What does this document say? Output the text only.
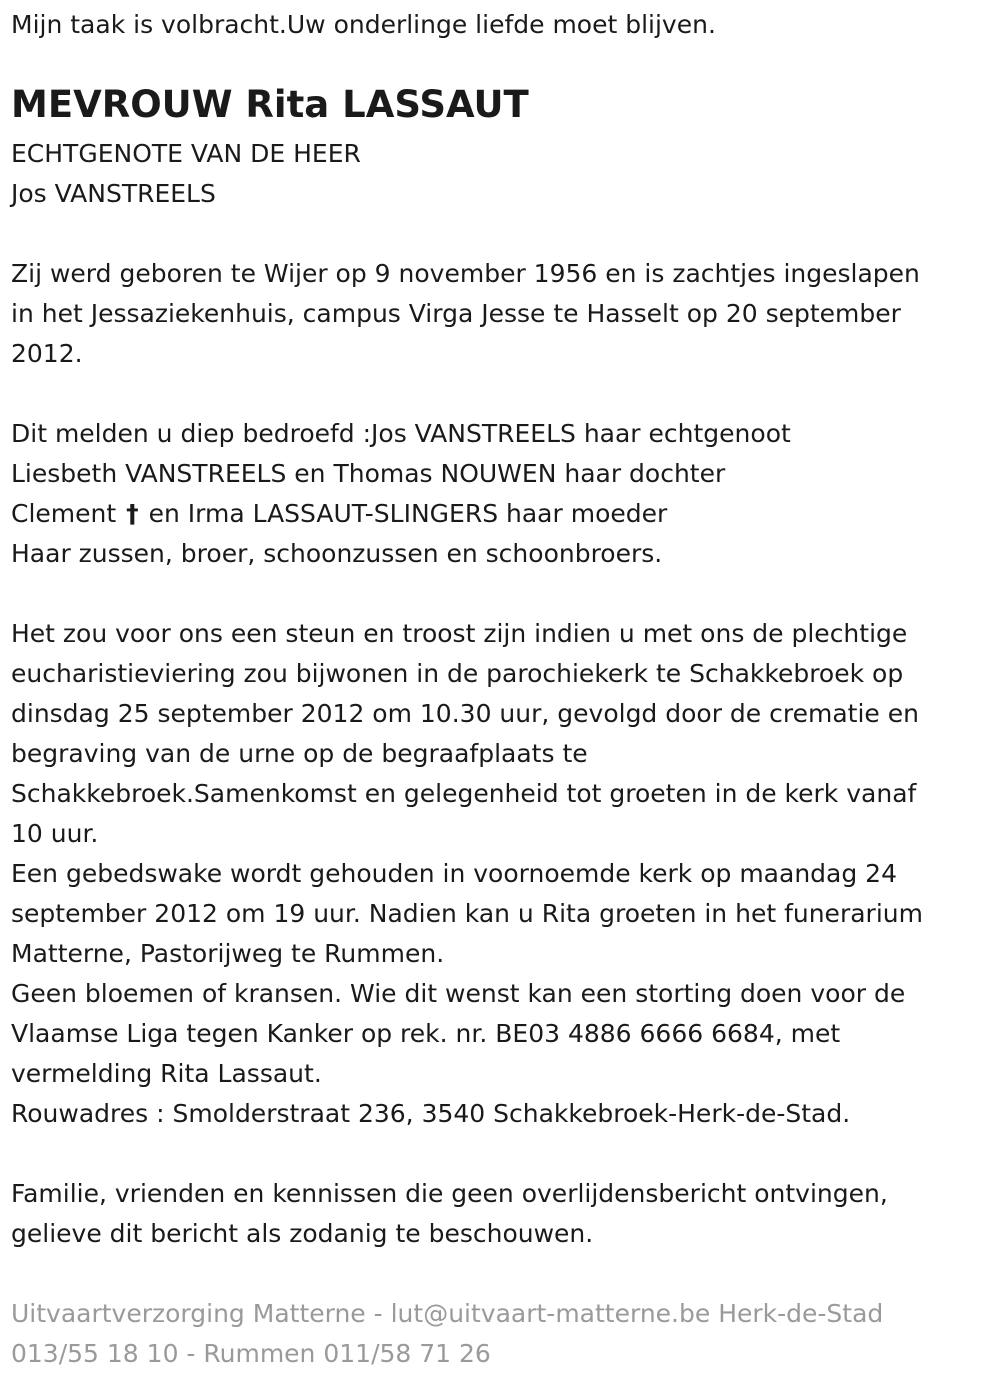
Mijn taak is volbracht.Uw onderlinge liefde moet blijven.

MEVROUW Rita LASSAUT

ECHTGENOTE VAN DE HEER

Jos VANSTREELS

Zij werd geboren te Wijer op 9 november 1956 en is zachtjes ingeslapen

in het Jessaziekenhuis, campus Virga Jesse te Hasselt op 20 september

2012.

Dit melden u diep bedroefd :Jos VANSTREELS haar echtgenoot

Liesbeth VANSTREELS en Thomas NOUWEN haar dochter

Clement † en Irma LASSAUT-SLINGERS haar moeder

Haar zussen, broer, schoonzussen en schoonbroers.

Het zou voor ons een steun en troost zijn indien u met ons de plechtige

eucharistieviering zou bijwonen in de parochiekerk te Schakkebroek op

dinsdag 25 september 2012 om 10.30 uur, gevolgd door de crematie en

begraving van de urne op de begraafplaats te

Schakkebroek.Samenkomst en gelegenheid tot groeten in de kerk vanaf

10 uur.

Een gebedswake wordt gehouden in voornoemde kerk op maandag 24

september 2012 om 19 uur. Nadien kan u Rita groeten in het funerarium

Matterne, Pastorijweg te Rummen.

Geen bloemen of kransen. Wie dit wenst kan een storting doen voor de

Vlaamse Liga tegen Kanker op rek. nr. BE03 4886 6666 6684, met

vermelding Rita Lassaut.

Rouwadres : Smolderstraat 236, 3540 Schakkebroek-Herk-de-Stad.

Familie, vrienden en kennissen die geen overlijdensbericht ontvingen,

gelieve dit bericht als zodanig te beschouwen.

Uitvaartverzorging Matterne - lut@uitvaart-matterne.be Herk-de-Stad

013/55 18 10 - Rummen 011/58 71 26
